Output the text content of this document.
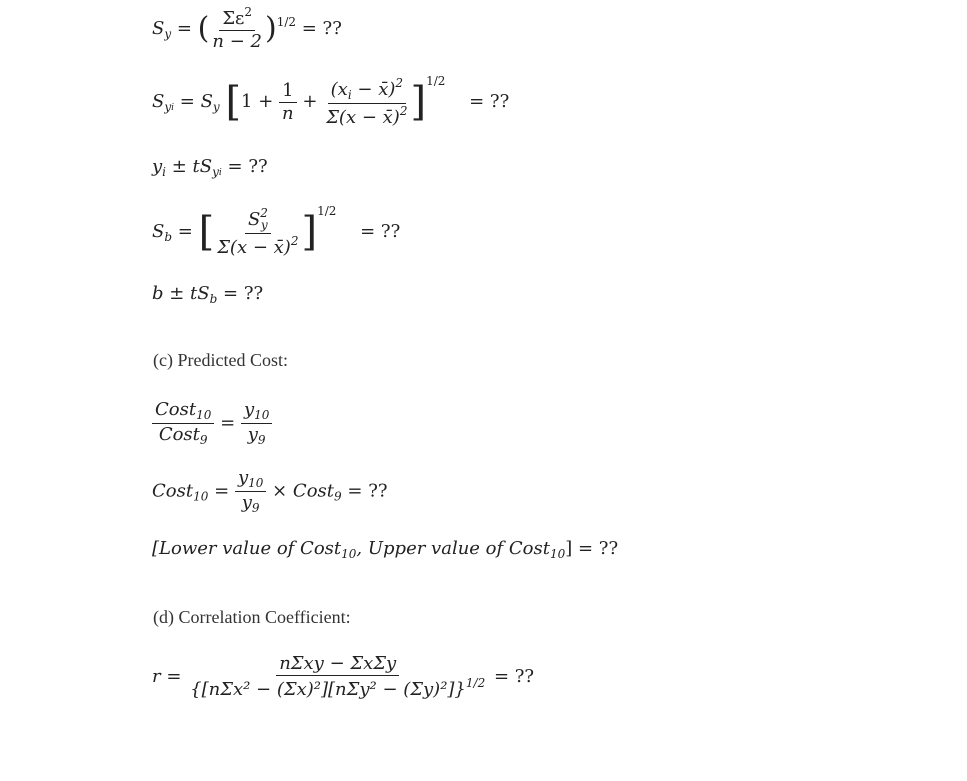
$S_y$ = ( $\frac{\Sigma\varepsilon^2}{n - 2} )^{1/2}$ = ??
$S_yi = S_y$ $[1 + \frac{1}{n} + \frac{(x_i - x̄)^2}{\Sigma(x - x̄)^2} ]^{1/2}$ = ??
$y_i \pm tS_yi$ = ??
$S_b$ = [ $\frac{S^2_y}{\Sigma(x - x̄)^2} ]^{1/2}$ = ??
$b \pm tS_b$ = ??
(c) Predicted Cost:
$\frac{Cost_{10}}{Cost_9} = \frac{y_{10}}{y_9}$
Cost$_{10}$ = $\frac{y_{10}}{y_9}$ × Cost$_9$ = ??
[Lower value of Cost$_{10}$, Upper value of Cost$_{10}$] = ??
(d) Correlation Coefficient:
$r = \frac{\text{nΣxy − ΣxΣy}}{\{[n\Sigma x^2 - (\Sigma x)^2][n\Sigma y^2 - (\Sigma y)^2]\}^{1/2}}$ = ??
